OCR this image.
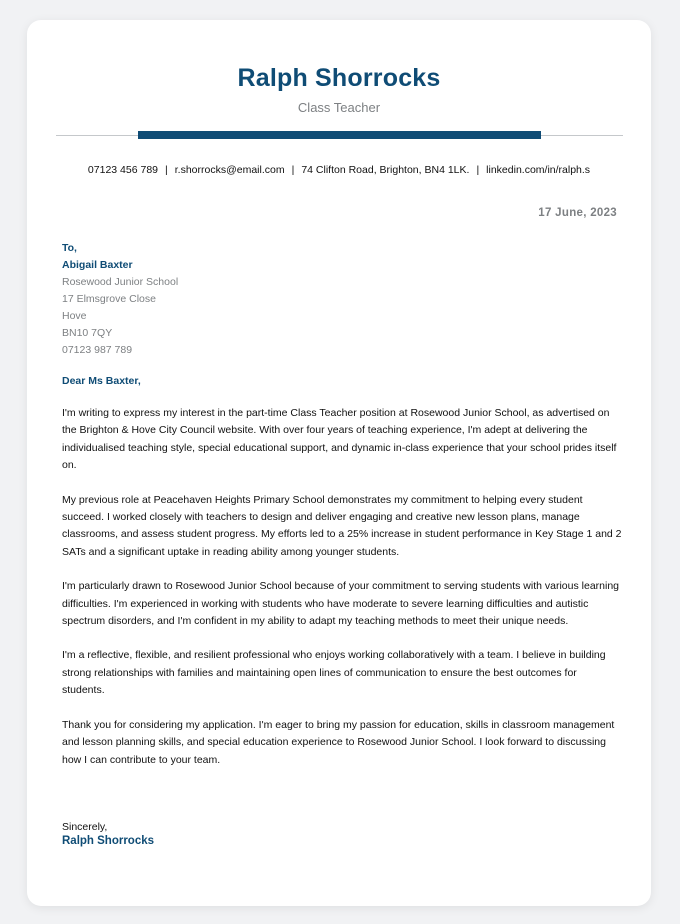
Ralph Shorrocks
Class Teacher
07123 456 789 | r.shorrocks@email.com | 74 Clifton Road, Brighton, BN4 1LK. | linkedin.com/in/ralph.s
17 June, 2023
To,
Abigail Baxter
Rosewood Junior School
17 Elmsgrove Close
Hove
BN10 7QY
07123 987 789
Dear Ms Baxter,

I'm writing to express my interest in the part-time Class Teacher position at Rosewood Junior School, as advertised on the Brighton & Hove City Council website. With over four years of teaching experience, I'm adept at delivering the individualised teaching style, special educational support, and dynamic in-class experience that your school prides itself on.

My previous role at Peacehaven Heights Primary School demonstrates my commitment to helping every student succeed. I worked closely with teachers to design and deliver engaging and creative new lesson plans, manage classrooms, and assess student progress. My efforts led to a 25% increase in student performance in Key Stage 1 and 2 SATs and a significant uptake in reading ability among younger students.

I'm particularly drawn to Rosewood Junior School because of your commitment to serving students with various learning difficulties. I'm experienced in working with students who have moderate to severe learning difficulties and autistic spectrum disorders, and I'm confident in my ability to adapt my teaching methods to meet their unique needs.

I'm a reflective, flexible, and resilient professional who enjoys working collaboratively with a team. I believe in building strong relationships with families and maintaining open lines of communication to ensure the best outcomes for students.

Thank you for considering my application. I'm eager to bring my passion for education, skills in classroom management and lesson planning skills, and special education experience to Rosewood Junior School. I look forward to discussing how I can contribute to your team.

Sincerely,
Ralph Shorrocks
